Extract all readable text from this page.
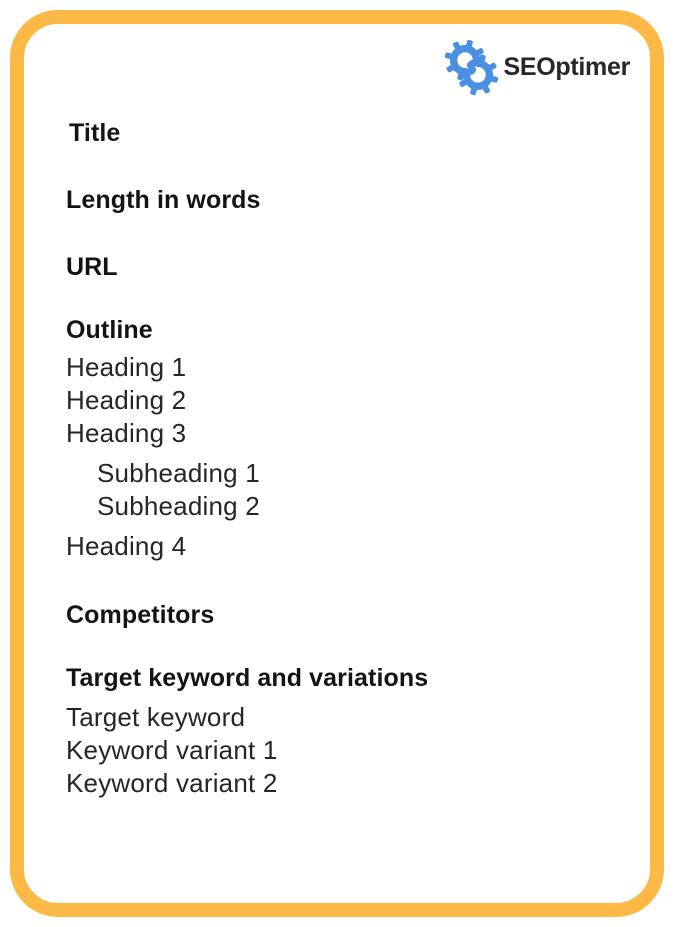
SEOptimer
Title
Length in words
URL
Outline
Heading 1
Heading 2
Heading 3
Subheading 1
Subheading 2
Heading 4
Competitors
Target keyword and variations
Target keyword
Keyword variant 1
Keyword variant 2
